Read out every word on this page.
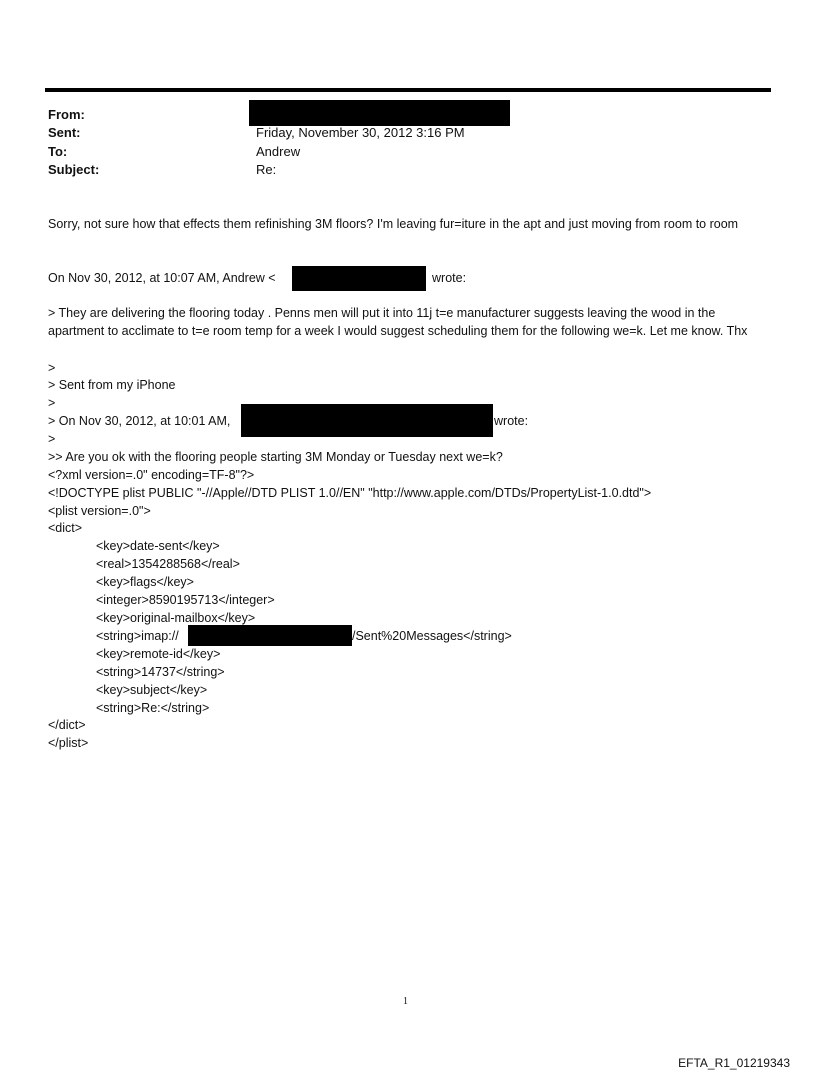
From:
Sent:	Friday, November 30, 2012 3:16 PM
To:	Andrew
Subject:	Re:
Sorry, not sure how that effects them refinishing 3M floors? I'm leaving fur=iture in the apt and just moving from room to room
On Nov 30, 2012, at 10:07 AM, Andrew <	wrote:
> They are delivering the flooring today . Penns men will put it into 11j t=e manufacturer suggests leaving the wood in the apartment to acclimate to t=e room temp for a week I would suggest scheduling them for the following we=k. Let me know. Thx
>
> Sent from my iPhone
>
> On Nov 30, 2012, at 10:01 AM,	wrote:
>
>> Are you ok with the flooring people starting 3M Monday or Tuesday next we=k?
<?xml version=.0" encoding=TF-8"?>
<!DOCTYPE plist PUBLIC "-//Apple//DTD PLIST 1.0//EN" "http://www.apple.com/DTDs/PropertyList-1.0.dtd">
<plist version=.0">
<dict>
<key>date-sent</key>
<real>1354288568</real>
<key>flags</key>
<integer>8590195713</integer>
<key>original-mailbox</key>
<string>imap://	/Sent%20Messages</string>
<key>remote-id</key>
<string>14737</string>
<key>subject</key>
<string>Re:</string>
</dict>
</plist>
1
EFTA_R1_01219343
